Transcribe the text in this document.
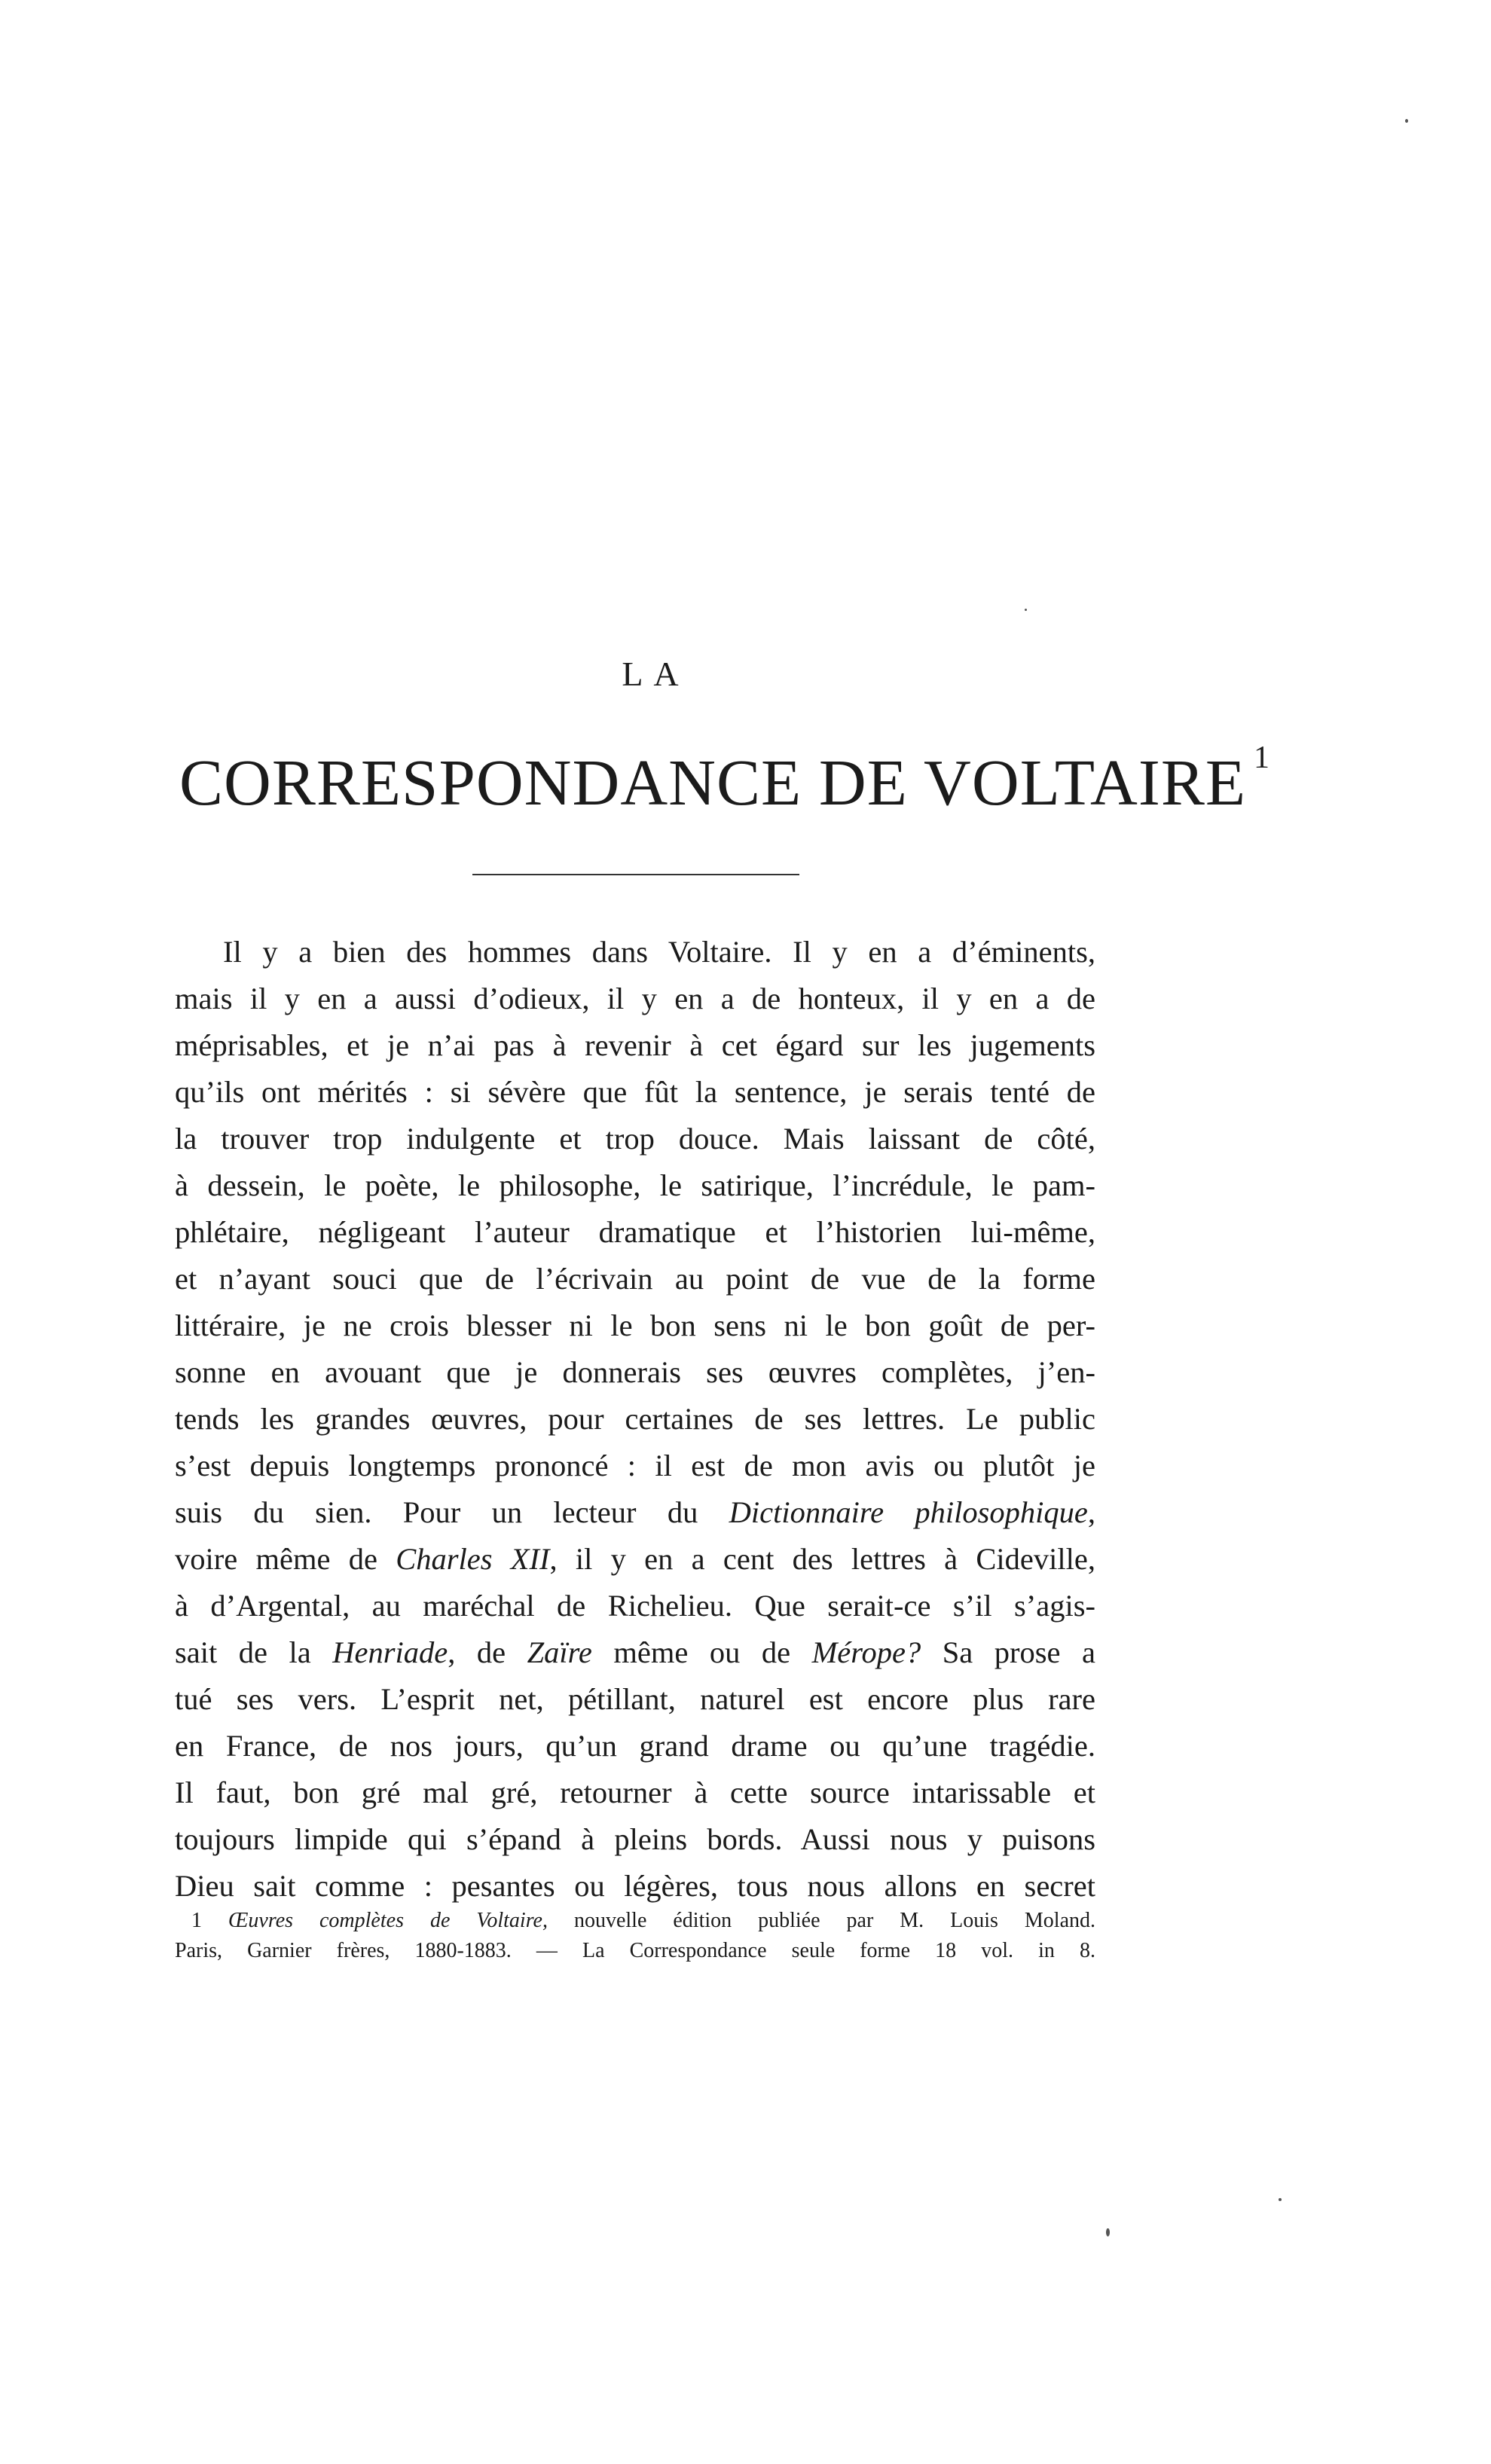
LA
CORRESPONDANCE DE VOLTAIRE $^1$
Il y a bien des hommes dans Voltaire. Il y en a d’éminents,
mais il y en a aussi d’odieux, il y en a de honteux, il y en a de
méprisables, et je n’ai pas à revenir à cet égard sur les jugements
qu’ils ont mérités : si sévère que fût la sentence, je serais tenté de
la trouver trop indulgente et trop douce. Mais laissant de côté,
à dessein, le poète, le philosophe, le satirique, l’incrédule, le pam-
phlétaire, négligeant l’auteur dramatique et l’historien lui-même,
et n’ayant souci que de l’écrivain au point de vue de la forme
littéraire, je ne crois blesser ni le bon sens ni le bon goût de per-
sonne en avouant que je donnerais ses œuvres complètes, j’en-
tends les grandes œuvres, pour certaines de ses lettres. Le public
s’est depuis longtemps prononcé : il est de mon avis ou plutôt je
suis du sien. Pour un lecteur du Dictionnaire philosophique,
voire même de Charles XII, il y en a cent des lettres à Cideville,
à d’Argental, au maréchal de Richelieu. Que serait-ce s’il s’agis-
sait de la Henriade, de Zaïre même ou de Mérope? Sa prose a
tué ses vers. L’esprit net, pétillant, naturel est encore plus rare
en France, de nos jours, qu’un grand drame ou qu’une tragédie.
Il faut, bon gré mal gré, retourner à cette source intarissable et
toujours limpide qui s’épand à pleins bords. Aussi nous y puisons
Dieu sait comme : pesantes ou légères, tous nous allons en secret
1 Œuvres complètes de Voltaire, nouvelle édition publiée par M. Louis Moland.
Paris, Garnier frères, 1880-1883. — La Correspondance seule forme 18 vol. in 8.
